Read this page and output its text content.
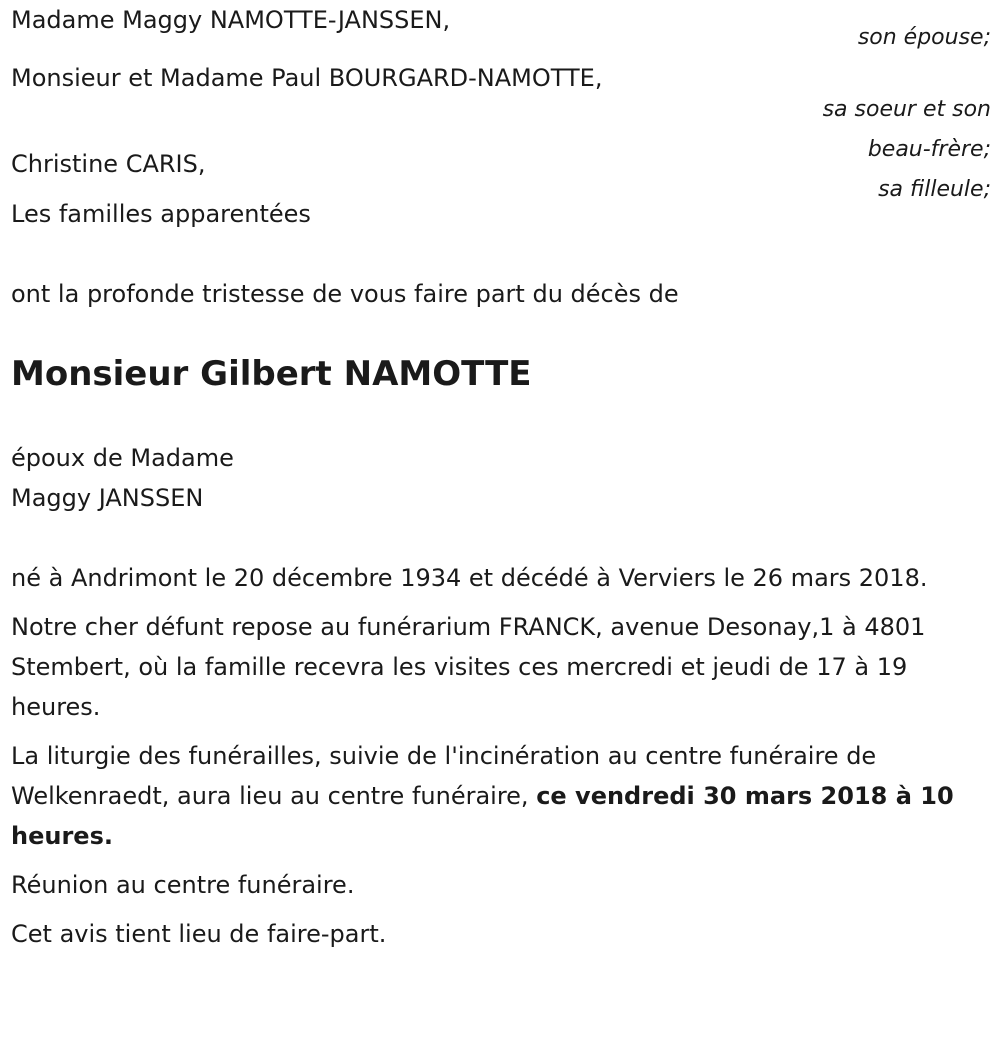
Madame Maggy NAMOTTE-JANSSEN,
son épouse;
Monsieur et Madame Paul BOURGARD-NAMOTTE,
sa soeur et son
beau-frère;
Christine CARIS,
sa filleule;
Les familles apparentées

ont la profonde tristesse de vous faire part du décès de

Monsieur Gilbert NAMOTTE

époux de Madame

Maggy JANSSEN

né à Andrimont le 20 décembre 1934 et décédé à Verviers le 26 mars 2018.

Notre cher défunt repose au funérarium FRANCK, avenue Desonay,1 à 4801 Stembert, où la famille recevra les visites ces mercredi et jeudi de 17 à 19 heures.

La liturgie des funérailles, suivie de l'incinération au centre funéraire de Welkenraedt, aura lieu au centre funéraire, ce vendredi 30 mars 2018 à 10 heures.

Réunion au centre funéraire.

Cet avis tient lieu de faire-part.
